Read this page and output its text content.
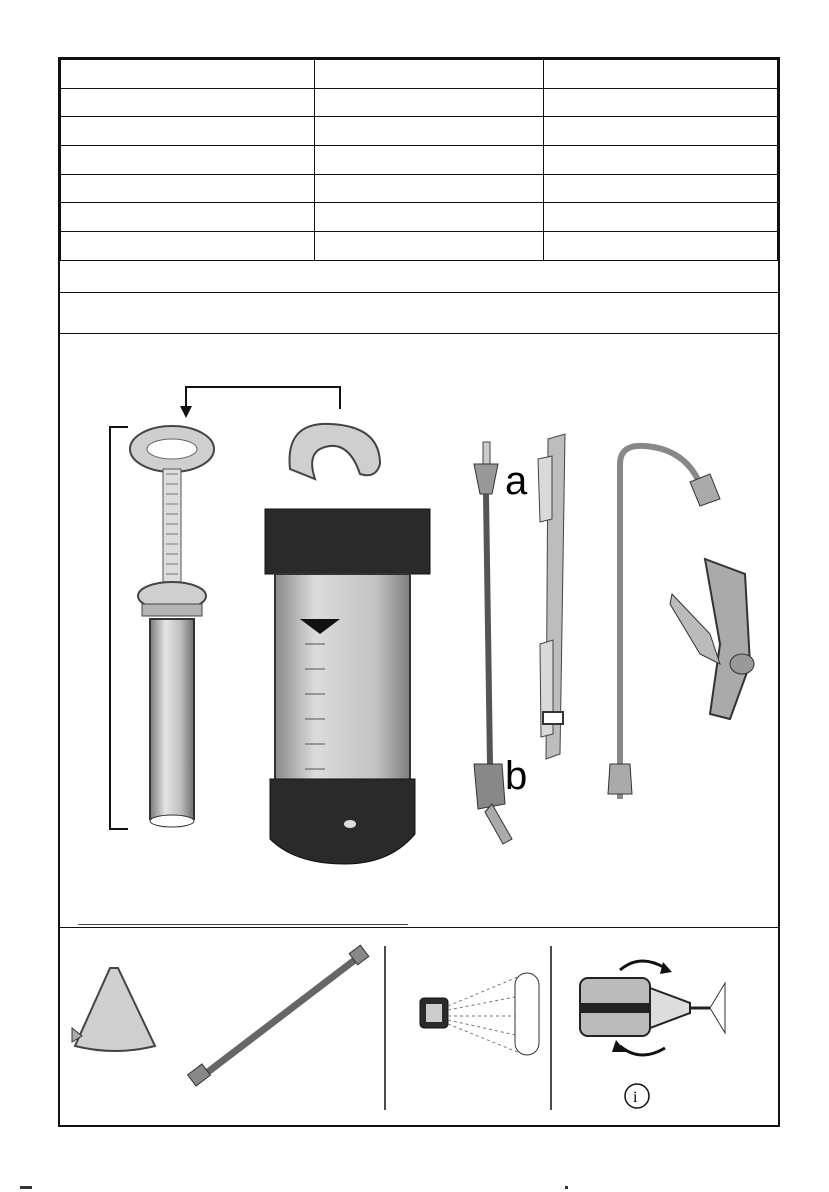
a
b
i
